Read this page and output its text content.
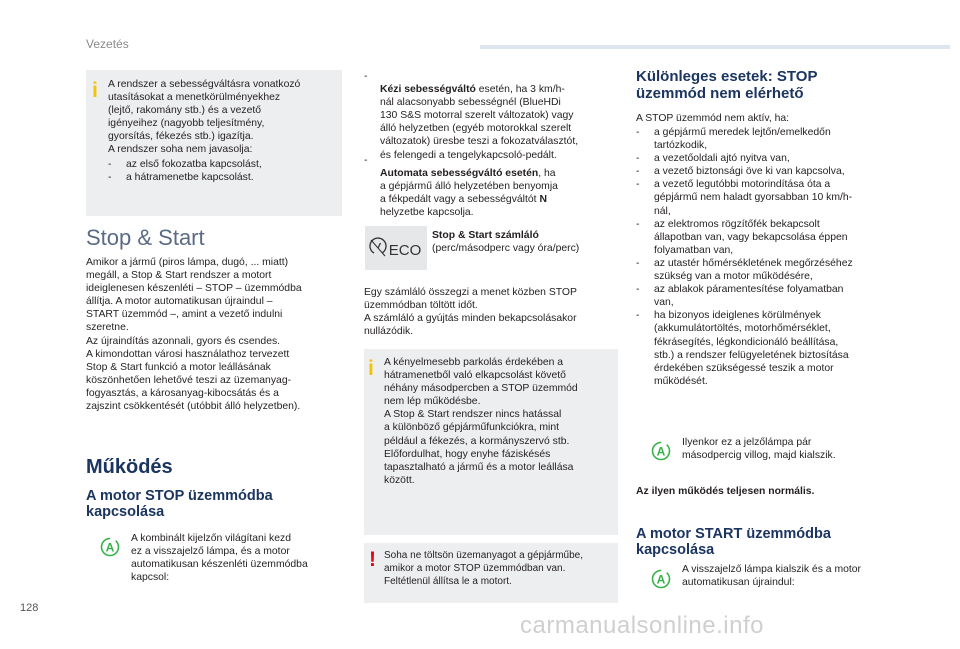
Vezetés
i A rendszer a sebességváltásra vonatkozó
utasításokat a menetkörülményekhez
(lejtő, rakomány stb.) és a vezető
igényeihez (nagyobb teljesítmény,
gyorsítás, fékezés stb.) igazítja.
A rendszer soha nem javasolja:
- az első fokozatba kapcsolást,
- a hátramenetbe kapcsolást.
Stop & Start
Amikor a jármű (piros lámpa, dugó, ... miatt)
megáll, a Stop & Start rendszer a motort
ideiglenesen készenléti – STOP – üzemmódba
állítja. A motor automatikusan újraindul –
START üzemmód –, amint a vezető indulni
szeretne.
Az újraindítás azonnali, gyors és csendes.
A kimondottan városi használathoz tervezett
Stop & Start funkció a motor leállásának
köszönhetően lehetővé teszi az üzemanyag-
fogyasztás, a károsanyag-kibocsátás és a
zajszint csökkentését (utóbbit álló helyzetben).
Működés
A motor STOP üzemmódba
kapcsolása
A
A kombinált kijelzőn világítani kezd
ez a visszajelző lámpa, és a motor
automatikusan készenléti üzemmódba
kapcsol:

-
Kézi sebességváltó esetén, ha 3 km/h-
nál alacsonyabb sebességnél (BlueHDi
130 S&S motorral szerelt változatok) vagy
álló helyzetben (egyéb motorokkal szerelt
változatok) üresbe teszi a fokozatválasztót,
és felengedi a tengelykapcsoló-pedált.

-
Automata sebességváltó esetén, ha
a gépjármű álló helyzetében benyomja
a fékpedált vagy a sebességváltót N
helyzetbe kapcsolja.

ECO
Stop & Start számláló
(perc/másodperc vagy óra/perc)
Egy számláló összegzi a menet közben STOP
üzemmódban töltött időt.
A számláló a gyújtás minden bekapcsolásakor
nullázódik.
i A kényelmesebb parkolás érdekében a
hátramenetből való elkapcsolást követő
néhány másodpercben a STOP üzemmód
nem lép működésbe.
A Stop & Start rendszer nincs hatással
a különböző gépjárműfunkciókra, mint
például a fékezés, a kormányszervó stb.
Előfordulhat, hogy enyhe fáziskésés
tapasztalható a jármű és a motor leállása
között.
! Soha ne töltsön üzemanyagot a gépjárműbe,
amikor a motor STOP üzemmódban van.
Feltétlenül állítsa le a motort.
Különleges esetek: STOP
üzemmód nem elérhető
A STOP üzemmód nem aktív, ha:
- a gépjármű meredek lejtőn/emelkedőn
tartózkodik,
- a vezetőoldali ajtó nyitva van,
- a vezető biztonsági öve ki van kapcsolva,
- a vezető legutóbbi motorindítása óta a
gépjármű nem haladt gyorsabban 10 km/h-
nál,
- az elektromos rögzítőfék bekapcsolt
állapotban van, vagy bekapcsolása éppen
folyamatban van,
- az utastér hőmérsékletének megőrzéséhez
szükség van a motor működésére,
- az ablakok páramentesítése folyamatban
van,
- ha bizonyos ideiglenes körülmények
(akkumulátortöltés, motorhőmérséklet,
fékrásegítés, légkondicionáló beállítása,
stb.) a rendszer felügyeletének biztosítása
érdekében szükségessé teszik a motor
működését.
A
Ilyenkor ez a jelzőlámpa pár
másodpercig villog, majd kialszik.
Az ilyen működés teljesen normális.
A motor START üzemmódba
kapcsolása
A
A visszajelző lámpa kialszik és a motor
automatikusan újraindul:
128
carmanualsonline.info
